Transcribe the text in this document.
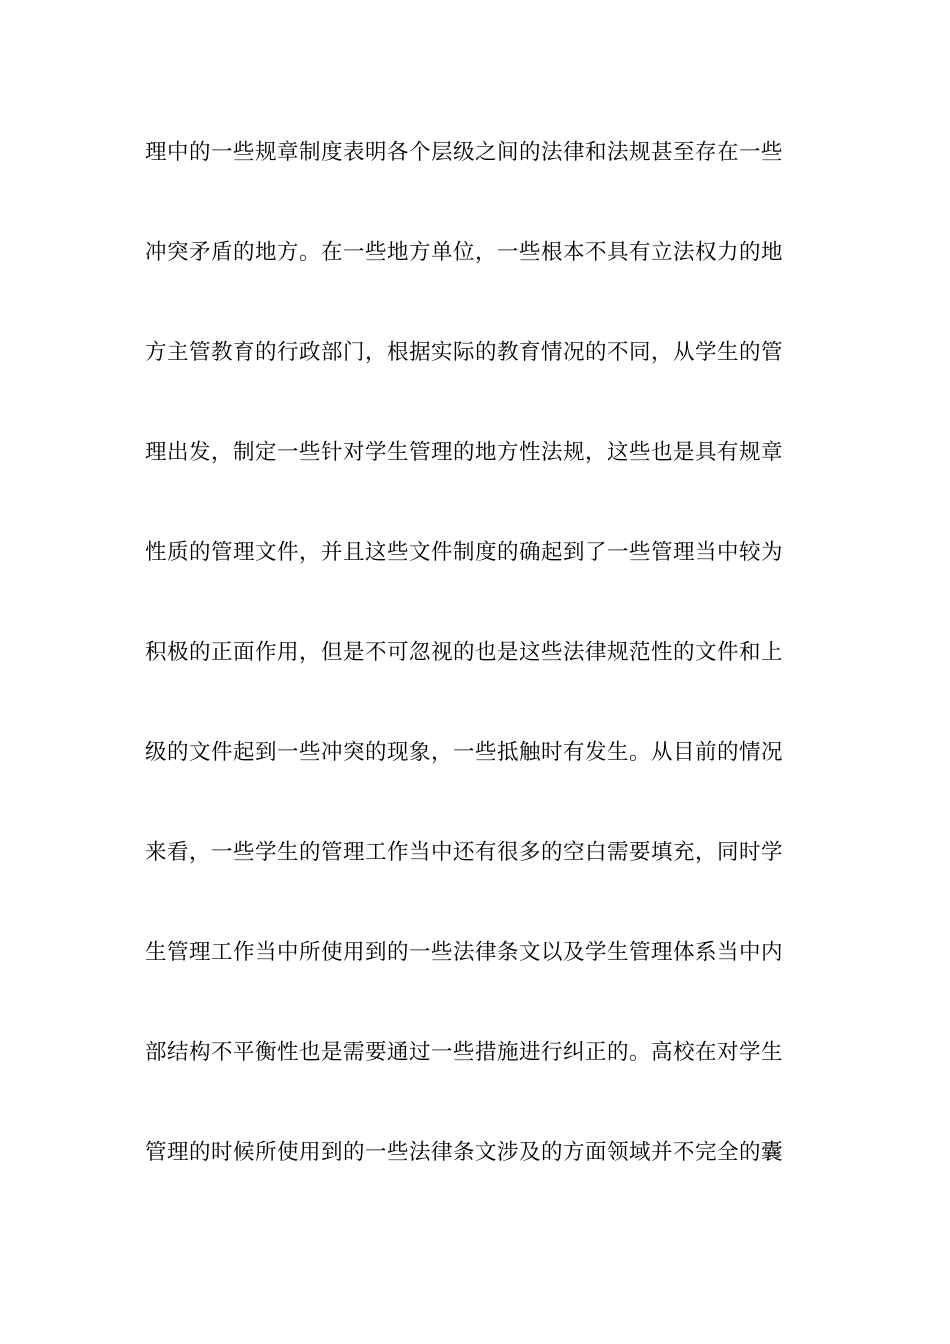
理中的一些规章制度表明各个层级之间的法律和法规甚至存在一些
冲突矛盾的地方。在一些地方单位，一些根本不具有立法权力的地
方主管教育的行政部门，根据实际的教育情况的不同，从学生的管
理出发，制定一些针对学生管理的地方性法规，这些也是具有规章
性质的管理文件，并且这些文件制度的确起到了一些管理当中较为
积极的正面作用，但是不可忽视的也是这些法律规范性的文件和上
级的文件起到一些冲突的现象，一些抵触时有发生。从目前的情况
来看，一些学生的管理工作当中还有很多的空白需要填充，同时学
生管理工作当中所使用到的一些法律条文以及学生管理体系当中内
部结构不平衡性也是需要通过一些措施进行纠正的。高校在对学生
管理的时候所使用到的一些法律条文涉及的方面领域并不完全的囊
